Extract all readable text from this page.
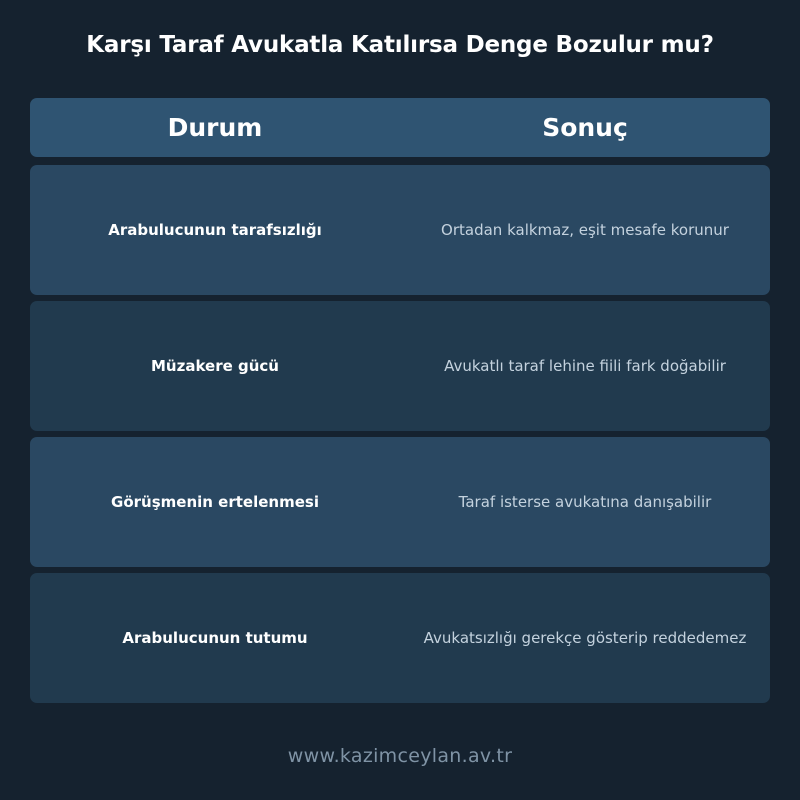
Karşı Taraf Avukatla Katılırsa Denge Bozulur mu?
Durum	Sonuç
Arabulucunun tarafsızlığı	Ortadan kalkmaz, eşit mesafe korunur
Müzakere gücü	Avukatlı taraf lehine fiili fark doğabilir
Görüşmenin ertelenmesi	Taraf isterse avukatına danışabilir
Arabulucunun tutumu	Avukatsızlığı gerekçe gösterip reddedemez
www.kazimceylan.av.tr
